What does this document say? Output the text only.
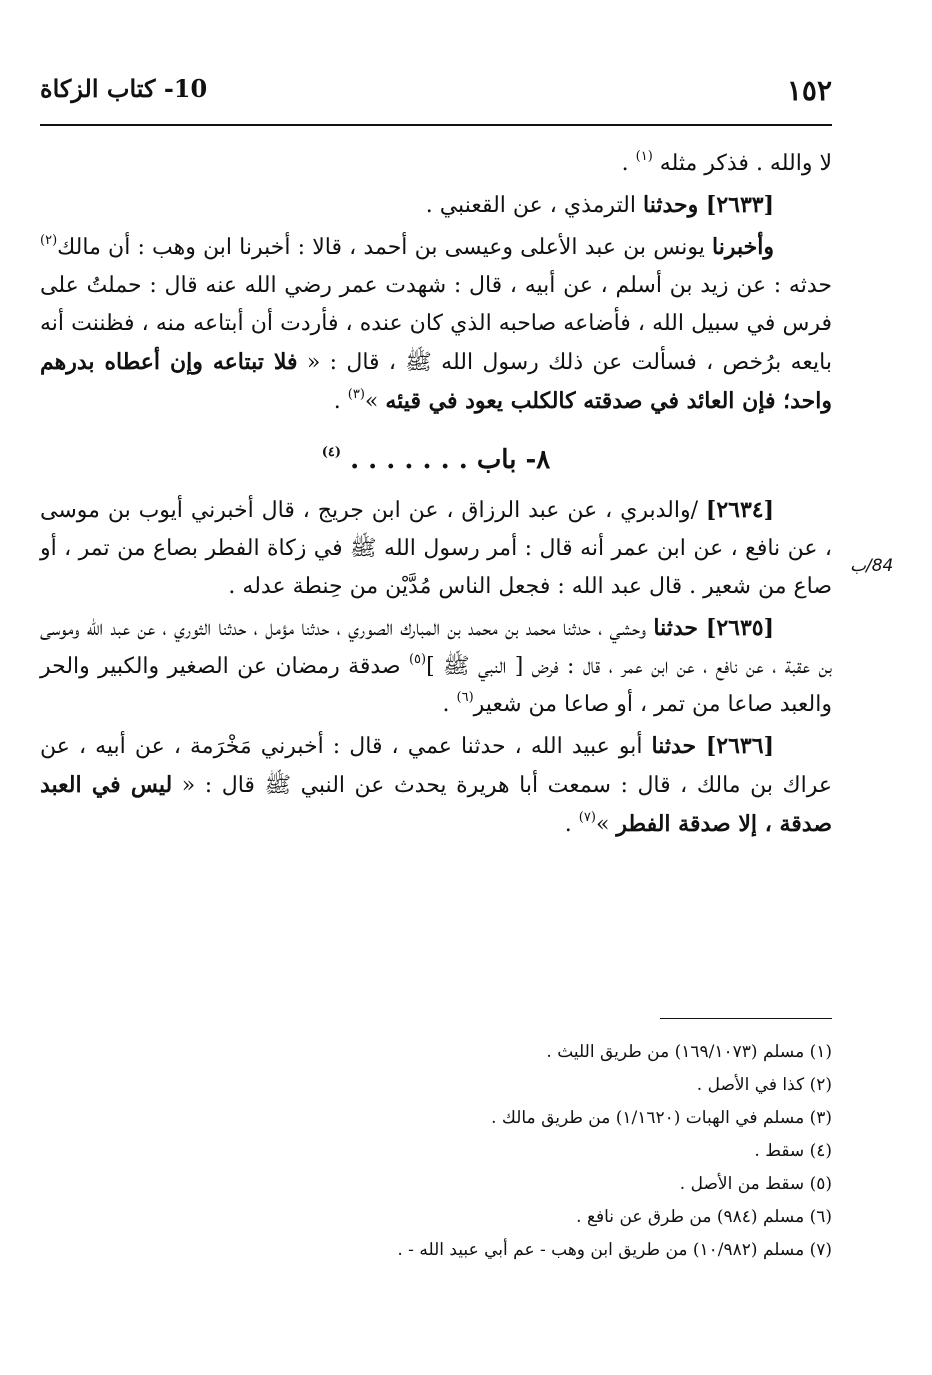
١٥٢
10- كتاب الزكاة
84/ب

لا والله . فذكر مثله $^{(١)}$ .

[٢٦٣٣] وحدثنا الترمذي ، عن القعنبي .

وأخبرنا يونس بن عبد الأعلى وعيسى بن أحمد ، قالا : أخبرنا ابن وهب : أن مالك$^{(٢)}$ حدثه : عن زيد بن أسلم ، عن أبيه ، قال : شهدت عمر رضي الله عنه قال : حملتُ على فرس في سبيل الله ، فأضاعه صاحبه الذي كان عنده ، فأردت أن أبتاعه منه ، فظننت أنه بايعه برُخص ، فسألت عن ذلك رسول الله ﷺ ، قال : « فلا تبتاعه وإن أعطاه بدرهم واحد؛ فإن العائد في صدقته كالكلب يعود في قيئه »$^{(٣)}$ .

٨- باب . . . . . . . $^{(٤)}$

[٢٦٣٤] /والدبري ، عن عبد الرزاق ، عن ابن جريج ، قال أخبرني أيوب بن موسى ، عن نافع ، عن ابن عمر أنه قال : أمر رسول الله ﷺ في زكاة الفطر بصاع من تمر ، أو صاع من شعير . قال عبد الله : فجعل الناس مُدَّيْن من حِنطة عدله .

[٢٦٣٥] حدثنا وحشي ، حدثنا محمد بن محمد بن المبارك الصوري ، حدثنا مؤمل ، حدثنا الثوري ، عن عبد الله وموسى بن عقبة ، عن نافع ، عن ابن عمر ، قال : فرض [ النبي ﷺ ]$^{(٥)}$ صدقة رمضان عن الصغير والكبير والحر والعبد صاعا من تمر ، أو صاعا من شعير$^{(٦)}$ .

[٢٦٣٦] حدثنا أبو عبيد الله ، حدثنا عمي ، قال : أخبرني مَخْرَمة ، عن أبيه ، عن عراك بن مالك ، قال : سمعت أبا هريرة يحدث عن النبي ﷺ قال : « ليس في العبد صدقة ، إلا صدقة الفطر »$^{(٧)}$ .

(١) مسلم (١٦٩/١٠٧٣) من طريق الليث .
(٢) كذا في الأصل .
(٣) مسلم في الهبات (١/١٦٢٠) من طريق مالك .
(٤) سقط .
(٥) سقط من الأصل .
(٦) مسلم (٩٨٤) من طرق عن نافع .
(٧) مسلم (١٠/٩٨٢) من طريق ابن وهب - عم أبي عبيد الله - .
